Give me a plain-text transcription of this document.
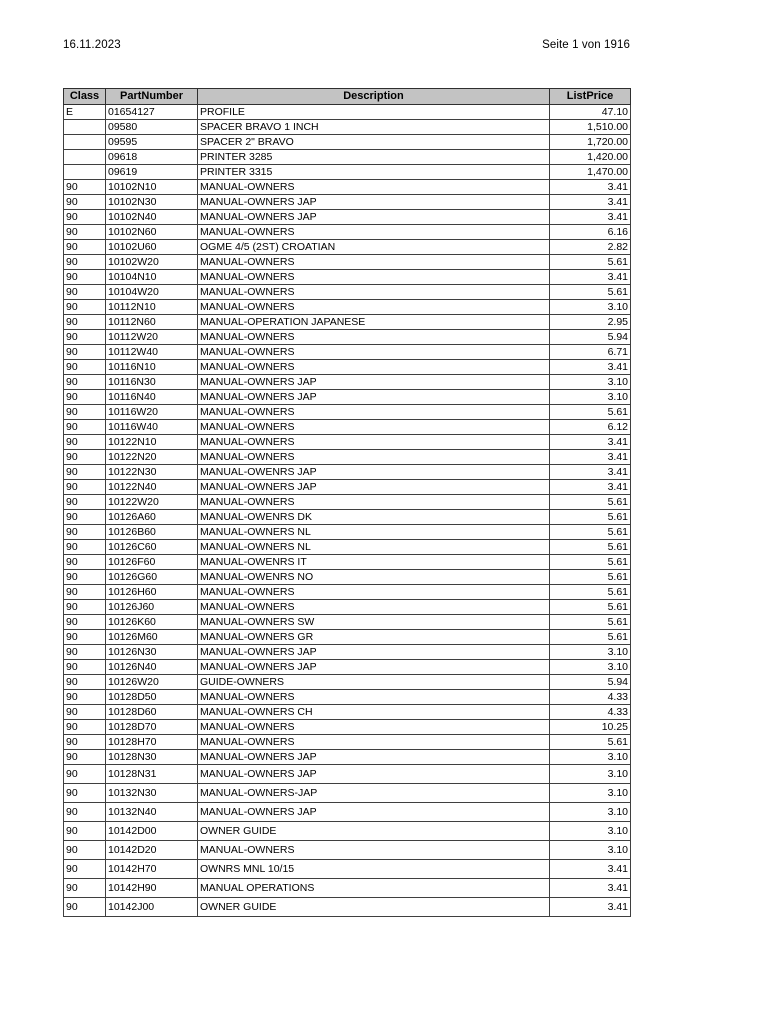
16.11.2023	Seite 1 von 1916
Class	PartNumber	Description	ListPrice
E	01654127	PROFILE	47.10
	09580	SPACER BRAVO 1 INCH	1,510.00
	09595	SPACER 2" BRAVO	1,720.00
	09618	PRINTER 3285	1,420.00
	09619	PRINTER 3315	1,470.00
90	10102N10	MANUAL-OWNERS	3.41
90	10102N30	MANUAL-OWNERS JAP	3.41
90	10102N40	MANUAL-OWNERS JAP	3.41
90	10102N60	MANUAL-OWNERS	6.16
90	10102U60	OGME 4/5 (2ST) CROATIAN	2.82
90	10102W20	MANUAL-OWNERS	5.61
90	10104N10	MANUAL-OWNERS	3.41
90	10104W20	MANUAL-OWNERS	5.61
90	10112N10	MANUAL-OWNERS	3.10
90	10112N60	MANUAL-OPERATION JAPANESE	2.95
90	10112W20	MANUAL-OWNERS	5.94
90	10112W40	MANUAL-OWNERS	6.71
90	10116N10	MANUAL-OWNERS	3.41
90	10116N30	MANUAL-OWNERS JAP	3.10
90	10116N40	MANUAL-OWNERS JAP	3.10
90	10116W20	MANUAL-OWNERS	5.61
90	10116W40	MANUAL-OWNERS	6.12
90	10122N10	MANUAL-OWNERS	3.41
90	10122N20	MANUAL-OWNERS	3.41
90	10122N30	MANUAL-OWENRS JAP	3.41
90	10122N40	MANUAL-OWNERS JAP	3.41
90	10122W20	MANUAL-OWNERS	5.61
90	10126A60	MANUAL-OWENRS DK	5.61
90	10126B60	MANUAL-OWNERS NL	5.61
90	10126C60	MANUAL-OWNERS NL	5.61
90	10126F60	MANUAL-OWENRS IT	5.61
90	10126G60	MANUAL-OWENRS NO	5.61
90	10126H60	MANUAL-OWNERS	5.61
90	10126J60	MANUAL-OWNERS	5.61
90	10126K60	MANUAL-OWNERS SW	5.61
90	10126M60	MANUAL-OWNERS GR	5.61
90	10126N30	MANUAL-OWNERS JAP	3.10
90	10126N40	MANUAL-OWNERS JAP	3.10
90	10126W20	GUIDE-OWNERS	5.94
90	10128D50	MANUAL-OWNERS	4.33
90	10128D60	MANUAL-OWNERS CH	4.33
90	10128D70	MANUAL-OWNERS	10.25
90	10128H70	MANUAL-OWNERS	5.61
90	10128N30	MANUAL-OWNERS JAP	3.10
90	10128N31	MANUAL-OWNERS JAP	3.10
90	10132N30	MANUAL-OWNERS-JAP	3.10
90	10132N40	MANUAL-OWNERS JAP	3.10
90	10142D00	OWNER GUIDE	3.10
90	10142D20	MANUAL-OWNERS	3.10
90	10142H70	OWNRS MNL 10/15	3.41
90	10142H90	MANUAL OPERATIONS	3.41
90	10142J00	OWNER GUIDE	3.41
